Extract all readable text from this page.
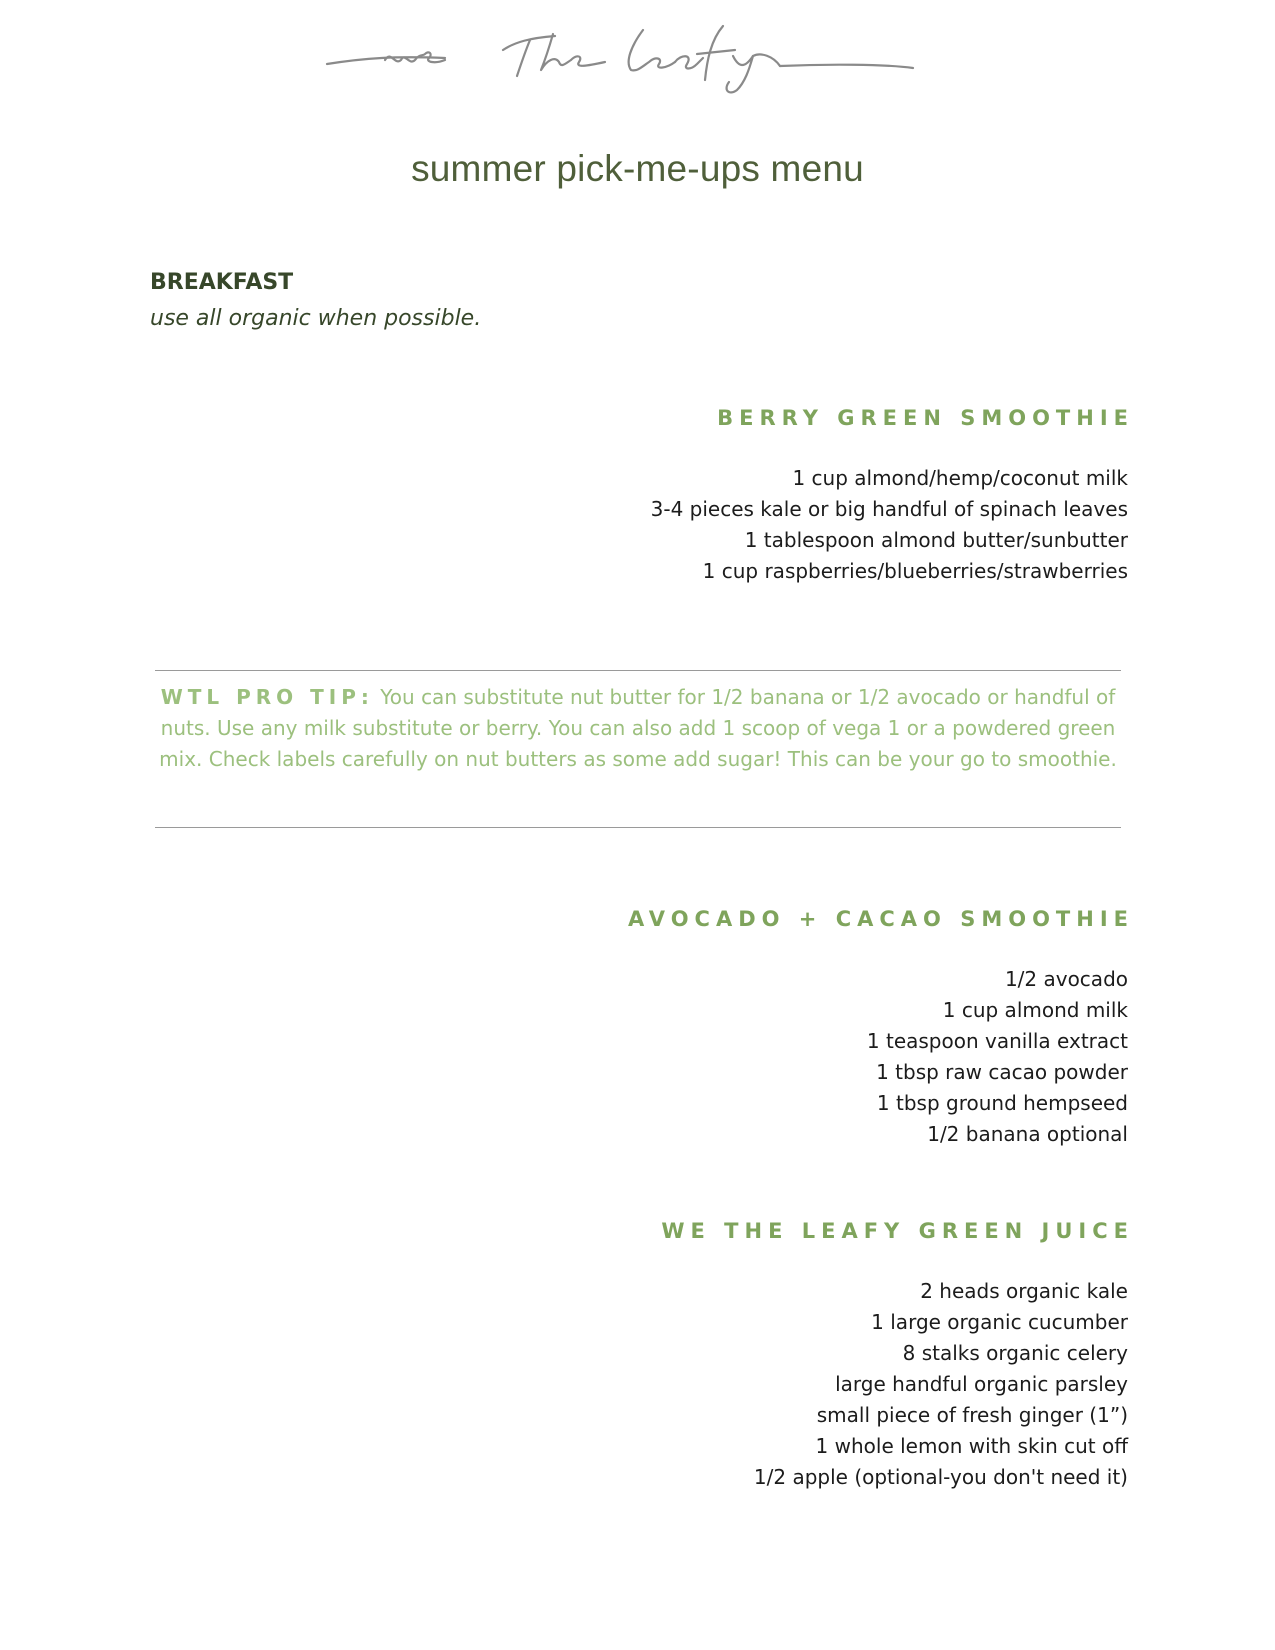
summer pick-me-ups menu
BREAKFAST

use all organic when possible.

BERRY GREEN SMOOTHIE
1 cup almond/hemp/coconut milk
3-4 pieces kale or big handful of spinach leaves
1 tablespoon almond butter/sunbutter
1 cup raspberries/blueberries/strawberries

WTL PRO TIP: You can substitute nut butter for 1/2 banana or 1/2 avocado or handful of nuts. Use any milk substitute or berry. You can also add 1 scoop of vega 1 or a powdered green mix. Check labels carefully on nut butters as some add sugar! This can be your go to smoothie.

AVOCADO + CACAO SMOOTHIE
1/2 avocado
1 cup almond milk
1 teaspoon vanilla extract
1 tbsp raw cacao powder
1 tbsp ground hempseed
1/2 banana optional
WE THE LEAFY GREEN JUICE
2 heads organic kale
1 large organic cucumber
8 stalks organic celery
large handful organic parsley
small piece of fresh ginger (1”)
1 whole lemon with skin cut off
1/2 apple (optional-you don't need it)
